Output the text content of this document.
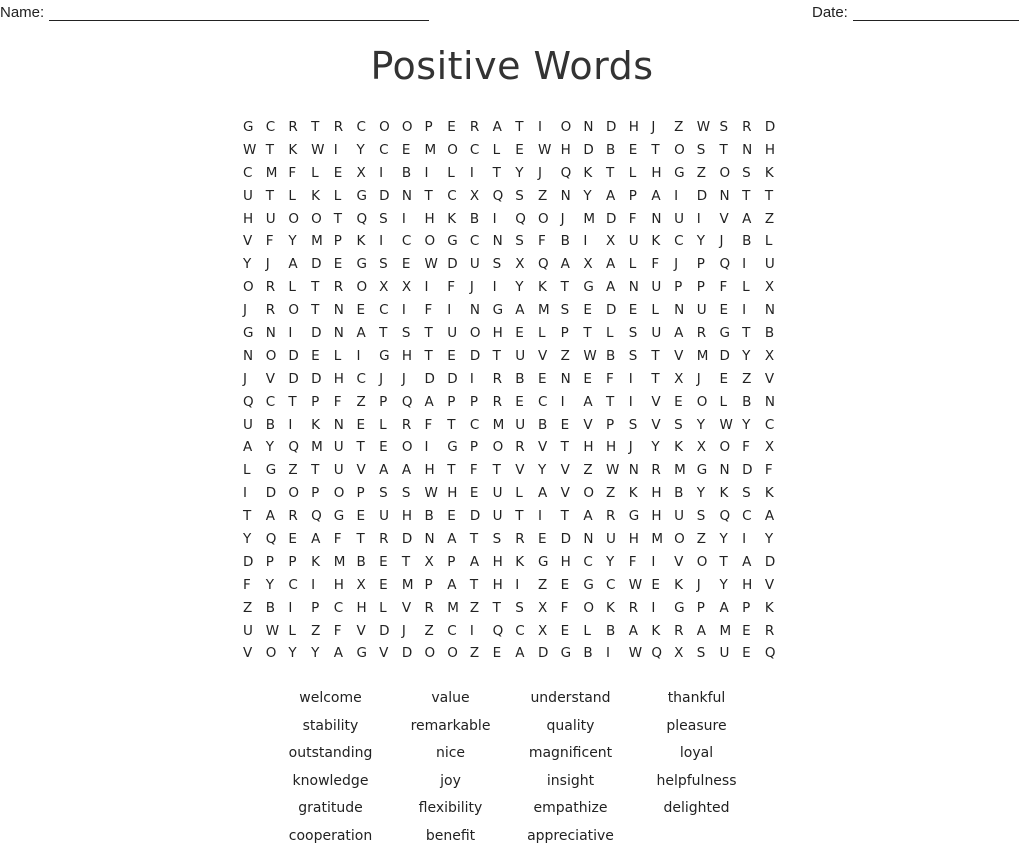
Name:	Date:
Positive Words
G C R T	R C O O P	E	R A T	I	O N D H J	Z W S	R D
W T	K	W I	Y	C E	M O C L	E	W H D B E	T	O S	T	N H
C M F	L	E	X I	B I	L	I	T	Y	J	Q K	T	L	H G Z O S	K
U T	L	K	L	G D N T	C X Q S	Z N Y	A P	A I	D N T	T
H U O O T	Q S	I	H K	B I	Q O J	M D F	N U I	V A Z
V F	Y	M P	K	I	C O G C N S	F	B I	X U K	C Y	J	B L
Y	J	A D E	G S	E	W D U S	X Q A X A L	F	J	P	Q I	U
O R L	T	R O X X I	F	J	I	Y	K	T	G A N U P	P	F	L	X
J	R O T	N E	C I	F	I	N G A M S	E	D E	L	N U E	I	N
G N I	D N A T	S	T	U O H E	L	P	T	L	S	U A R G T	B
N O D E	L	I	G H T	E	D T	U V Z W B S	T	V M D Y	X
J	V D D H C J	J	D D I	R B E	N E	F	I	T	X J	E	Z V
Q C T	P	F	Z P	Q A P	P	R E	C I	A T	I	V E	O L	B N
U B I	K	N E	L	R F	T	C M U B E	V P	S	V S	Y	W Y	C
A Y	Q M U T	E	O I	G P	O R V T	H H J	Y	K	X O F	X
L	G Z T	U V A A H T	F	T	V Y	V Z W N R M G N D F
I	D O P	O P	S	S	W H E	U L	A V O Z K	H B Y	K	S	K
T	A R Q G E	U H B E	D U T	I	T	A R G H U S	Q C A
Y	Q E	A F	T	R D N A T	S	R E	D N U H M O Z Y	I	Y
D P	P	K	M B E	T	X P	A H K	G H C Y	F	I	V O T	A D
F	Y	C I	H X E	M P	A T	H I	Z E	G C W E	K	J	Y	H V
Z B I	P	C H L	V R M Z T	S	X F	O K	R I	G P	A P	K
U W L	Z F	V D J	Z C I	Q C X E	L	B A K	R A M E	R
V O Y	Y	A G V D O O Z E	A D G B I	W Q X S	U E	Q
welcome	value	understand	thankful
stability	remarkable	quality	pleasure
outstanding	nice	magnificent	loyal
knowledge	joy	insight	helpfulness
gratitude	flexibility	empathize	delighted
cooperation	benefit	appreciative
